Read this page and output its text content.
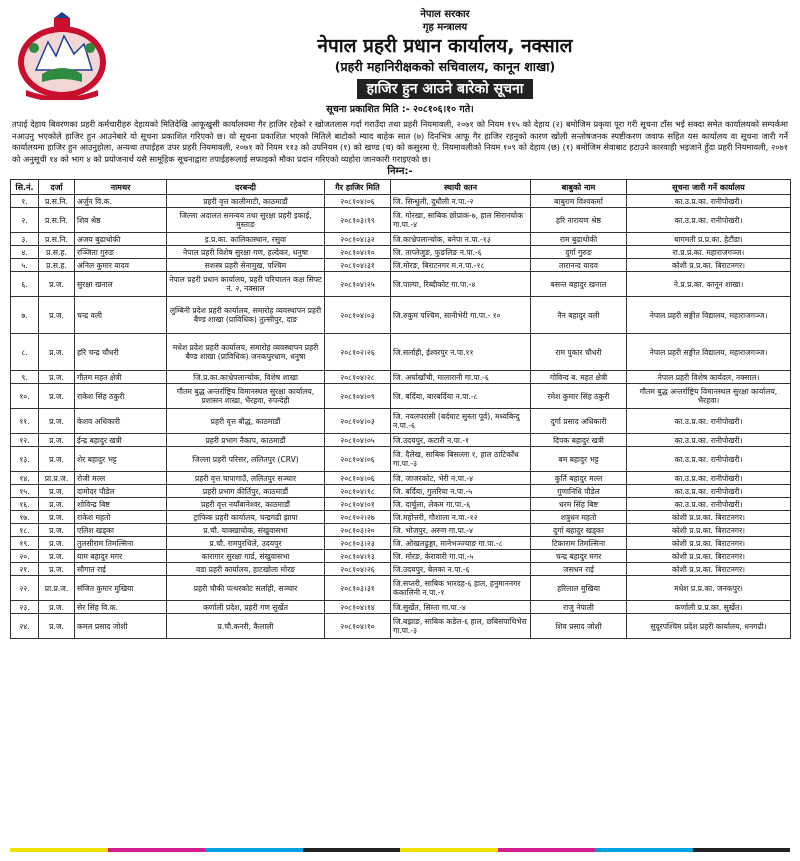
नेपाल सरकार
गृह मन्त्रालय
नेपाल प्रहरी प्रधान कार्यालय, नक्साल
(प्रहरी महानिरीक्षकको सचिवालय, कानून शाखा)
हाजिर हुन आउने बारेको सूचना
सूचना प्रकाशित मिति :- २०८१०६।१० गते।

तपाई देहाय बिवरणका प्रहरी कर्मचारीहरु देहायको मितिदेखि आफूखुसी कार्यालयमा गैर हाजिर रहेको र खोजतलास गर्दा गराउँदा तथा प्रहरी नियमावली, २०७१ को नियम ११५ को देहाय (२) बमोजिम प्रकृया पूरा गरी सूचना टाँस भई सक्दा समेत कार्यालयको सम्पर्कमा नआउनु भएकोले हाजिर हुन आउनेबारे यो सूचना प्रकाशित गरिएको छ। यो सूचना प्रकाशित भएको मितिले बाटोको म्याद बाहेक सात (७) दिनभित्र आफू गैर हाजिर रहनुको कारण खोली सन्तोषजनक स्पष्टीकरण जवाफ सहित यस कार्यालय वा सूचना जारी गर्ने कार्यालयमा हाजिर हुन आउनुहोला, अन्यथा तपाईहरु उपर प्रहरी नियमावली, २०७१ को नियम ११३ को उपनियम (१) को खण्ड (च) को कसुरमा ऐ. नियमावलीको नियम १०९ को देहाय (छ) (१) बमोजिम सेवाबाट हटाउने कारवाही भइजाने हुँदा प्रहरी नियमावली, २०७१ को अनुसूची १४ को भाग ४ को प्रयोजनार्थ यसै सामूहिक सूचनाद्वारा तपाईहरूलाई सफाइको मौका प्रदान गरिएको व्यहोरा जानकारी गराइएको छ।

निम्न:-
सि.नं.	दर्जा	नामथर	दरबन्दी	गैर हाजिर मिति	स्थायी वतन	बाबुको नाम	सूचना जारी गर्ने कार्यालय
१.	प्र.स.नि.	अर्जुन वि.क.	प्रहरी वृत्त कालीमाटी, काठमाडौं	२०८१०४।०६	जि. सिन्धुली, दुधौली न.पा.-२	बाबुराम विश्वकर्मा	का.उ.प्र.का. रानीपोखरी।
२.	प्र.स.नि.	शिव श्रेष्ठ	जिल्ला अदालत समन्वय तथा सुरक्षा प्रहरी इकाई, मुस्ताङ	२०८१०३।१९	जि. गोरखा, साबिक छोप्राक-७, हाल सिरानचोक गा.पा.-४	हरि नारायण श्रेष्ठ	का.उ.प्र.का. रानीपोखरी।
३.	प्र.स.नि.	अजय बुढाथोकी	इ.प्र.का. कालिकास्थान, रसुवा	२०८१०४।३२	जि.काभ्रेपलान्चोक, बनेपा न.पा.-१३	राम बुढाथोकी	बागमती प्र.प्र.का. हेटौंडा।
४.	प्र.स.ह.	रञ्जिता गुरुङ	नेपाल प्रहरी विशेष सुरक्षा गण, हल्देकर, धनुषा	२०८१०४।१०	जि. ताप्लेजुङ, फुङलिङ न.पा.-६	दुर्गा गुरुङ	रा.प्र.प्र.का. महाराजगञ्ज।
५.	प्र.स.ह.	अनिल कुमार यादव	सशस्त्र प्रहरी सेनामुख, पश्चिम	२०८१०४।३१	जि.मोरङ, बिराटनगर म.न.पा.-१८	तारानन्द यादव	कोशी प्र.प्र.का. बिराटनगर।
६.	प्र.ज.	सुरक्षा खनाल	नेपाल प्रहरी प्रधान कार्यालय, प्रहरी परिचालन कक्ष सिफ्ट नं. २, नक्साल	२०८१०४।२५	जि.पाल्पा, रिब्दीकोट गा.पा.-४	बसन्त बहादुर खनाल	ने.प्र.प्र.का. कानून शाखा।
७.	प्र.ज.	चन्द्र वली	लुम्बिनी प्रदेश प्रहरी कार्यालय, समारोह व्यवस्थापन प्रहरी बैण्ड शाखा (प्राविधिक) तुल्सीपुर, दाङ	२०८१०४।०३	जि.रुकुम पश्चिम, सानीभेरी गा.पा.- १०	नैन बहादुर वली	नेपाल प्रहरी सङ्गीत विद्यालय, महाराजगञ्ज।
८.	प्र.ज.	हरि चन्द्र चौधरी	मधेश प्रदेश प्रहरी कार्यालय, समारोह व्यवस्थापन प्रहरी बैण्ड शाखा (प्राविधिक) जनकपुरधाम, धनुषा	२०८१०२।२६	जि.सर्लाही, ईश्वरपुर न.पा.११	राम पुकार चौधरी	नेपाल प्रहरी सङ्गीत विद्यालय, महाराजगञ्ज।
९.	प्र.ज.	गौतम महत क्षेत्री	जि.प्र.का.काभ्रेपलान्चोक, विशेष शाखा	२०८१०४।२८	जि. अर्घाखाँची, मालारानी गा.पा.-६	गोविन्द ब. महत क्षेत्री	नेपाल प्रहरी विशेष कार्यदल, नक्साल।
१०.	प्र.ज.	राकेश सिंह ठकुरी	गौतम बुद्ध अन्तर्राष्ट्रिय विमानस्थल सुरक्षा कार्यालय, प्रशासन शाखा, भैरहवा, रुपन्देही	२०८१०४।०९	जि. बर्दिया, बारबर्दिया न.पा.-८	रमेश कुमार सिंह ठकुरी	गौतम बुद्ध अन्तर्राष्ट्रिय विमानस्थल सुरक्षा कार्यालय, भैरहवा।
११.	प्र.ज.	केशव अधिकारी	प्रहरी वृत्त बौद्ध, काठमाडौं	२०८१०४।०३	जि. नवलपरासी (बर्दघाट सुस्ता पूर्व), मध्यबिन्दु न.पा.-६	दुर्गा प्रसाद अधिकारी	का.उ.प्र.का. रानीपोखरी।
१२.	प्र.ज.	ईन्द्र बहादुर खत्री	प्रहरी प्रभाग नैकाप, काठमाडौं	२०८१०४।०५	जि.उदयपुर, कटारी न.पा.-१	दिपक बहादुर खत्री	का.उ.प्र.का. रानीपोखरी।
१३.	प्र.ज.	शेर बहादुर भट्ट	जिल्ला प्रहरी परिसर, ललितपुर (CRV)	२०८१०४।०६	जि. दैलेख, साबिक बिसल्ला १, हाल ठाटिकाँध गा.पा.-३	बम बहादुर भट्ट	का.उ.प्र.का. रानीपोखरी।
१४.	प्रा.प्र.ज.	रोजी मल्ल	प्रहरी वृत्त चापागाउँ, ललितपुर सञ्चार	२०८१०४।०६	जि. जाजरकोट, भेरी न.पा.-४	कुर्ति बहादुर मल्ल	का.उ.प्र.का. रानीपोखरी।
१५.	प्र.ज.	दामोदर पौडेल	प्रहरी प्रभाग कीर्तिपुर, काठमाडौं	२०८१०४।१८	जि. बर्दिया, गुलरिया न.पा.-५	गुणानिधि पौडेल	का.उ.प्र.का. रानीपोखरी।
१६.	प्र.ज.	शोविन्द्र बिष्ट	प्रहरी वृत्त नयाँबानेश्वर, काठमाडौं	२०८१०४।०१	जि. दार्चुला, लेकम गा.पा.-६	धरम सिंह बिष्ट	का.उ.प्र.का. रानीपोखरी।
१७.	प्र.ज.	राकेश महतो	ट्राफिक प्रहरी कार्यालय, चन्द्रगढी झापा	२०८१०२।२७	जि.महोत्तरी, गौशाला न.पा.-१२	शत्रुधन महतो	कोशी प्र.प्र.का. बिराटनगर।
१८.	प्र.ज.	एलिश खड्का	प्र.चौ. याक्खाचोक, संखुवासभा	२०८१०३।२०	जि. भोजपुर, अरुण गा.पा.-४	दुर्गा बहादुर खड्का	कोशी प्र.प्र.का. बिराटनगर।
१९.	प्र.ज.	तुलसीराम तिमल्सिना	प्र.चौ. रामपुरथिले, उदयपुर	२०८१०३।२३	जि. ओखलढुङ्गा, मानेभञ्ज्याङ गा.पा.-८	टिकाराम तिमल्सिना	कोशी प्र.प्र.का. बिराटनगर।
२०.	प्र.ज.	याम बहादुर मगर	कारागार सुरक्षा गार्ड, संखुवासभा	२०८१०४।१३	जि. मोरङ, केरावारी गा.पा.-५	चन्द्र बहादुर मगर	कोशी प्र.प्र.का. बिराटनगर।
२१.	प्र.ज.	सौगात राई	वडा प्रहरी कार्यालय, हाटखोला मोरङ	२०८१०४।२६	जि.उदयपुर, बेलका न.पा.-६	जसधन राई	कोशी प्र.प्र.का. बिराटनगर।
२२.	प्रा.प्र.ज.	संजित कुमार मुखिया	प्रहरी चौकी पत्थरकोट सर्लाही, सञ्चार	२०८१०३।३१	जि.सप्तरी, साबिक भारदह-६ हाल, हनुमाननगर कंकालिनी न.पा.-१	हरिलाल मुखिया	मधेश प्र.प्र.का. जनकपुर।
२३.	प्र.ज.	सेर सिंह वि.क.	कर्णाली प्रदेश, प्रहरी गण सुर्खेत	२०८१०४।१४	जि.सुर्खेत, सिम्ता गा.पा.-४	राजु नेपाली	कर्णाली प्र.प्र.का. सुर्खेत।
२४.	प्र.ज.	कमल प्रसाद जोशी	प्र.चौ.कनरी, कैलाली	२०८१०४।१०	जि.बझाङ, साबिक कडेल-६ हाल, छबिसपाथिभेरा गा.पा.-३	शिव प्रसाद जोशी	सुदूरपश्चिम प्रदेश प्रहरी कार्यालय, धनगढी।
